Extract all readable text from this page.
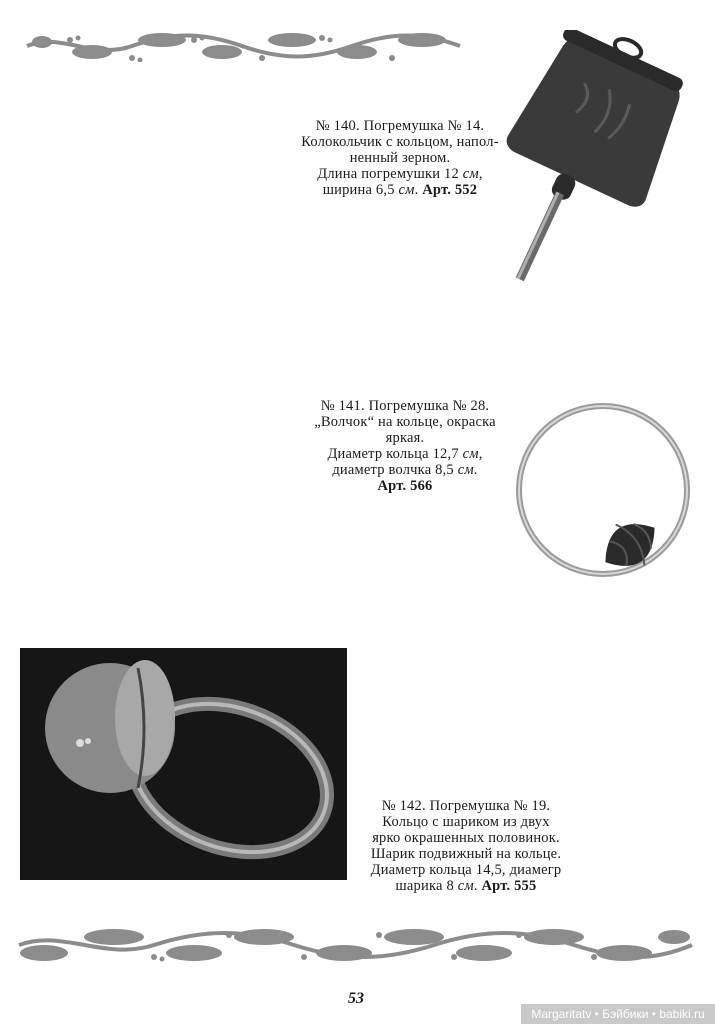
№ 140. Погремушка № 14.
Колокольчик с кольцом, напол-
ненный зерном.
Длина погремушки 12 см,
ширина 6,5 см. Арт. 552
№ 141. Погремушка № 28.
„Волчок“ на кольце, окраска
яркая.
Диаметр кольца 12,7 см,
диаметр волчка 8,5 см.
Арт. 566
№ 142. Погремушка № 19.
Кольцо с шариком из двух
ярко окрашенных половинок.
Шарик подвижный на кольце.
Диаметр кольца 14,5, диамегр
шарика 8 см. Арт. 555
53
Margaritatv • Бэйбики • babiki.ru
